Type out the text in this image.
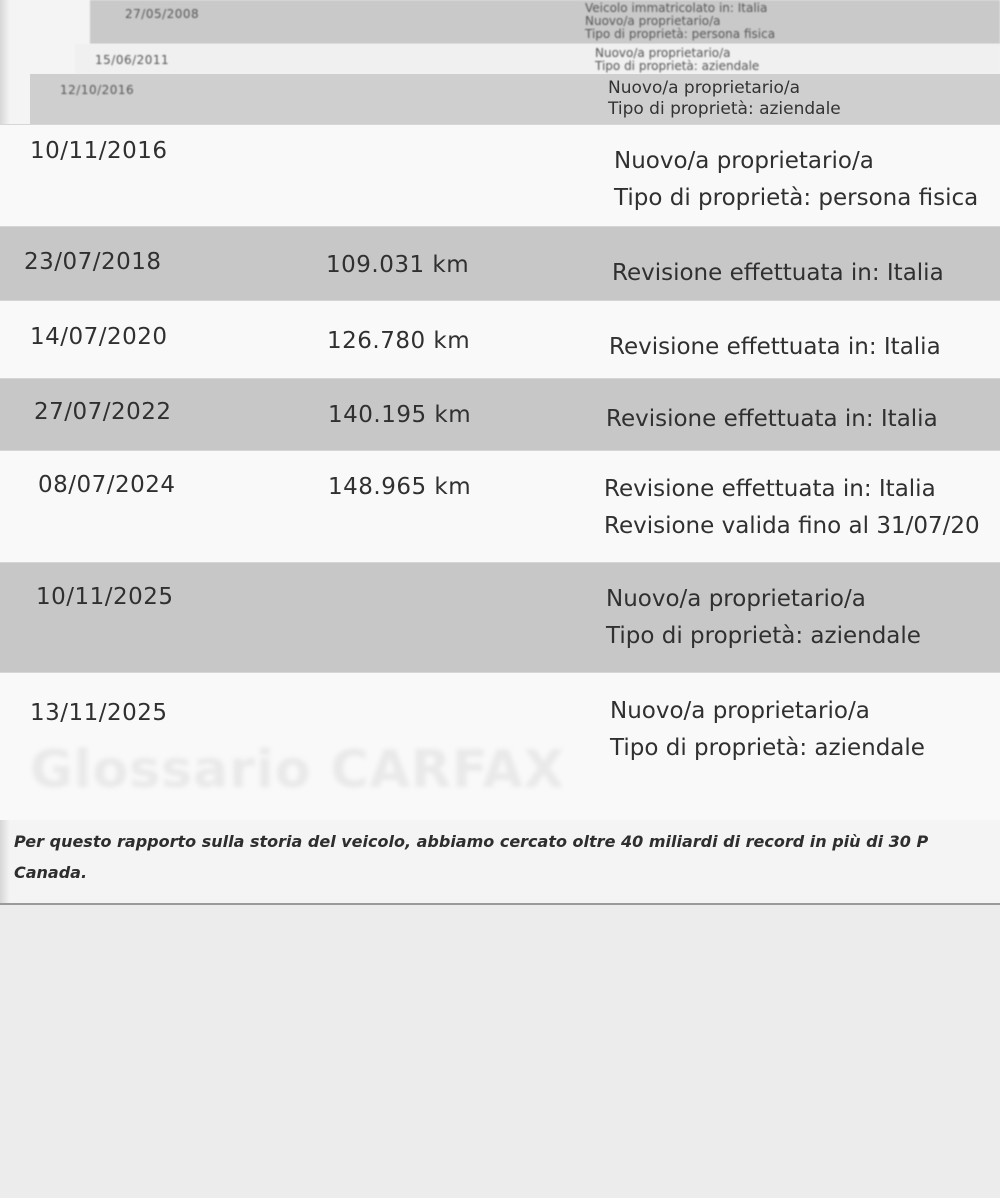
27/05/2008	Veicolo immatricolato in: Italia
Nuovo/a proprietario/a
Tipo di proprietà: persona fisica
15/06/2011	Nuovo/a proprietario/a
Tipo di proprietà: aziendale
12/10/2016	Nuovo/a proprietario/a
Tipo di proprietà: aziendale
10/11/2016	Nuovo/a proprietario/a
Tipo di proprietà: persona fisica
23/07/2018	109.031 km	Revisione effettuata in: Italia
14/07/2020	126.780 km	Revisione effettuata in: Italia
27/07/2022	140.195 km	Revisione effettuata in: Italia
08/07/2024	148.965 km	Revisione effettuata in: Italia
Revisione valida fino al 31/07/20
10/11/2025	Nuovo/a proprietario/a
Tipo di proprietà: aziendale
13/11/2025	Nuovo/a proprietario/a
Tipo di proprietà: aziendale
Glossario CARFAX
Per questo rapporto sulla storia del veicolo, abbiamo cercato oltre 40 miliardi di record in più di 30 P
Canada.
